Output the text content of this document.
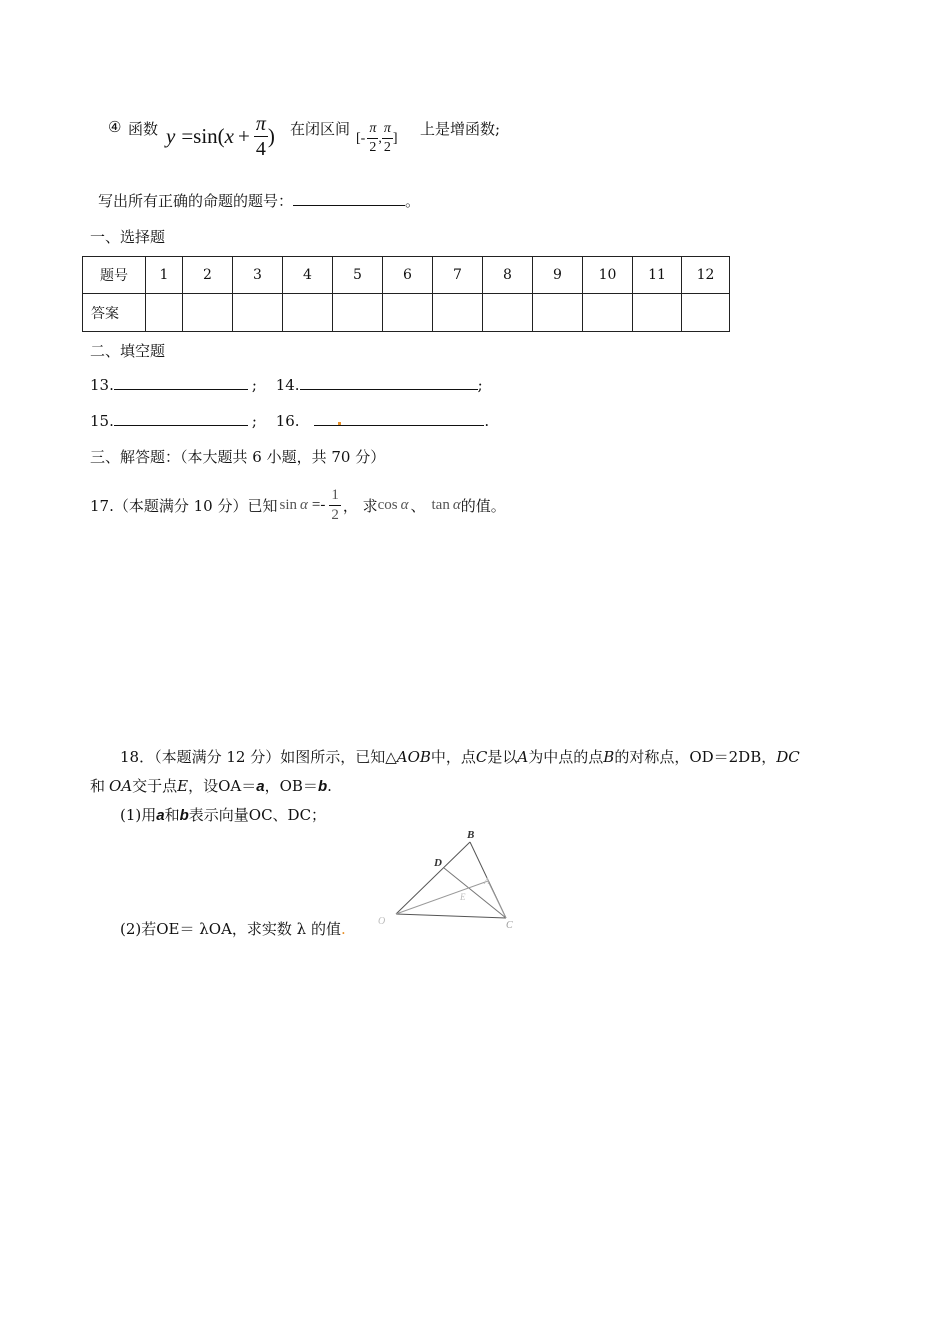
④ 函数 y =sin( $x + \frac{\pi}{4}$ ) 在闭区间 [- $\frac{\pi}{2}$ , $\frac{\pi}{2}$ ] 上是增函数;
写出所有正确的命题的题号：	。
一、选择题
题号	1	2	3	4	5	6	7	8	9	10	11	12
答案												
二、填空题
13.	; 14.	;
15.	; 16.	.
三、解答题：（本大题共 6 小题，共 70 分）
17.（本题满分 10 分）已知 $\sin \alpha =- \frac{1}{2}$ ， 求 cos α 、 tan α 的值。
18．（本题满分 12 分）如图所示，已知△AOB中，点C是以A为中点的点B的对称点，OD＝2DB，DC
和 OA交于点E，设OA＝a，OB＝b.
(1)用a和b表示向量OC、DC；
(2)若OE＝ λOA，求实数 λ 的值.
B
D
A
E
O	C
